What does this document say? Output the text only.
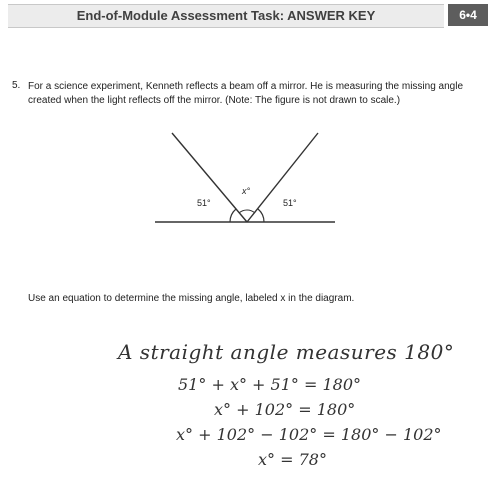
End-of-Module Assessment Task: ANSWER KEY	6•4
5. For a science experiment, Kenneth reflects a beam off a mirror. He is measuring the missing angle created when the light reflects off the mirror. (Note: The figure is not drawn to scale.)
51°
x°
51°
Use an equation to determine the missing angle, labeled x in the diagram.
A straight angle measures 180°
51° + x° + 51° = 180°
x° + 102° = 180°
x° + 102° − 102° = 180° − 102°
x° = 78°
